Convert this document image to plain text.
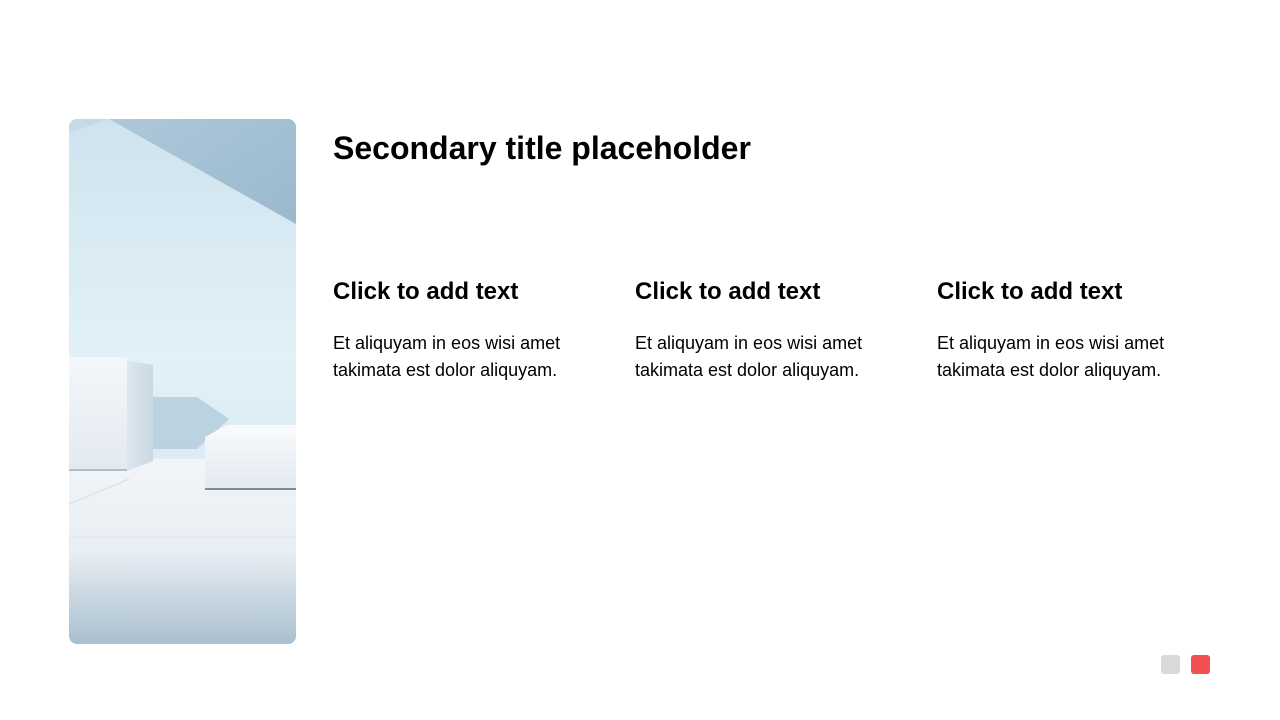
Secondary title placeholder
Click to add text

Et aliquyam in eos wisi amet takimata est dolor aliquyam.

Click to add text

Et aliquyam in eos wisi amet takimata est dolor aliquyam.

Click to add text

Et aliquyam in eos wisi amet takimata est dolor aliquyam.
